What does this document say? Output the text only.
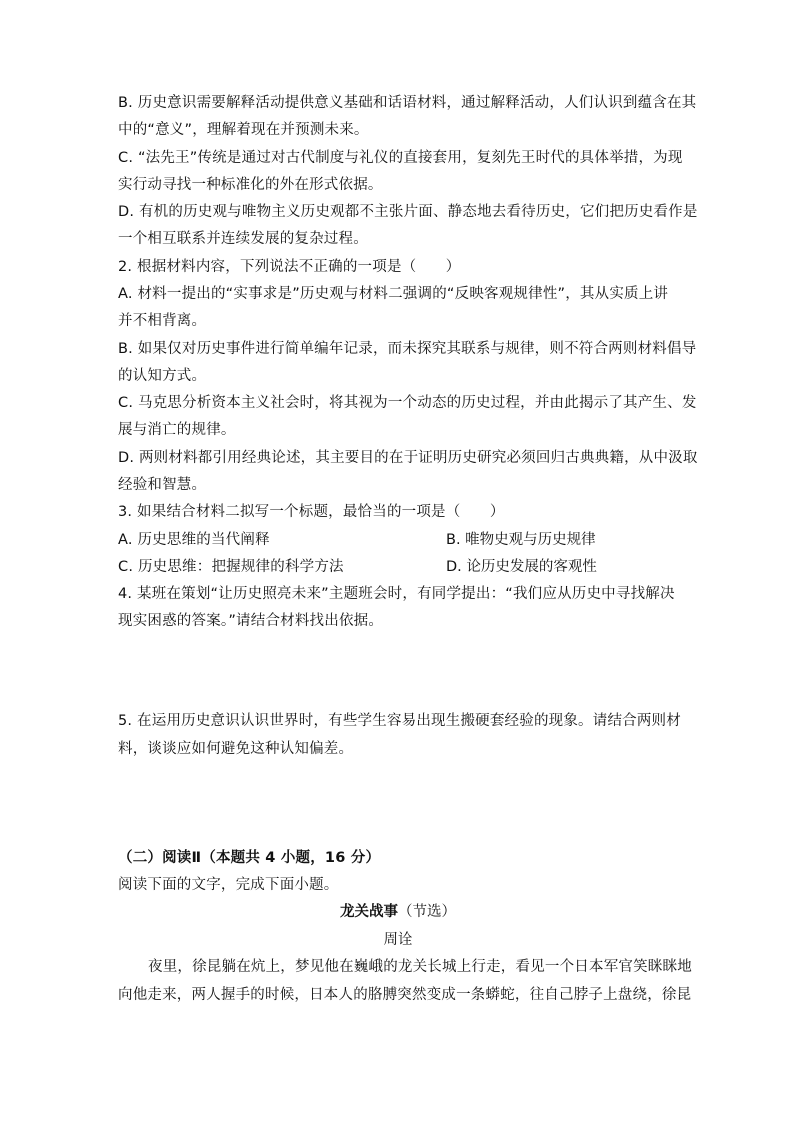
B. 历史意识需要解释活动提供意义基础和话语材料，通过解释活动，人们认识到蕴含在其
中的“意义”，理解着现在并预测未来。
C. “法先王”传统是通过对古代制度与礼仪的直接套用，复刻先王时代的具体举措，为现
实行动寻找一种标准化的外在形式依据。
D. 有机的历史观与唯物主义历史观都不主张片面、静态地去看待历史，它们把历史看作是
一个相互联系并连续发展的复杂过程。
2. 根据材料内容，下列说法不正确的一项是（　　）
A. 材料一提出的“实事求是”历史观与材料二强调的“反映客观规律性”，其从实质上讲
并不相背离。
B. 如果仅对历史事件进行简单编年记录，而未探究其联系与规律，则不符合两则材料倡导
的认知方式。
C. 马克思分析资本主义社会时，将其视为一个动态的历史过程，并由此揭示了其产生、发
展与消亡的规律。
D. 两则材料都引用经典论述，其主要目的在于证明历史研究必须回归古典典籍，从中汲取
经验和智慧。
3. 如果结合材料二拟写一个标题，最恰当的一项是（　　）
A. 历史思维的当代阐释	B. 唯物史观与历史规律
C. 历史思维：把握规律的科学方法	D. 论历史发展的客观性
4. 某班在策划“让历史照亮未来”主题班会时，有同学提出：“我们应从历史中寻找解决
现实困惑的答案。”请结合材料找出依据。
5. 在运用历史意识认识世界时，有些学生容易出现生搬硬套经验的现象。请结合两则材
料，谈谈应如何避免这种认知偏差。
（二）阅读Ⅱ（本题共 4 小题，16 分）
阅读下面的文字，完成下面小题。
龙关战事（节选）
周诠
夜里，徐昆躺在炕上，梦见他在巍峨的龙关长城上行走，看见一个日本军官笑眯眯地
向他走来，两人握手的时候，日本人的胳膊突然变成一条蟒蛇，往自己脖子上盘绕，徐昆
